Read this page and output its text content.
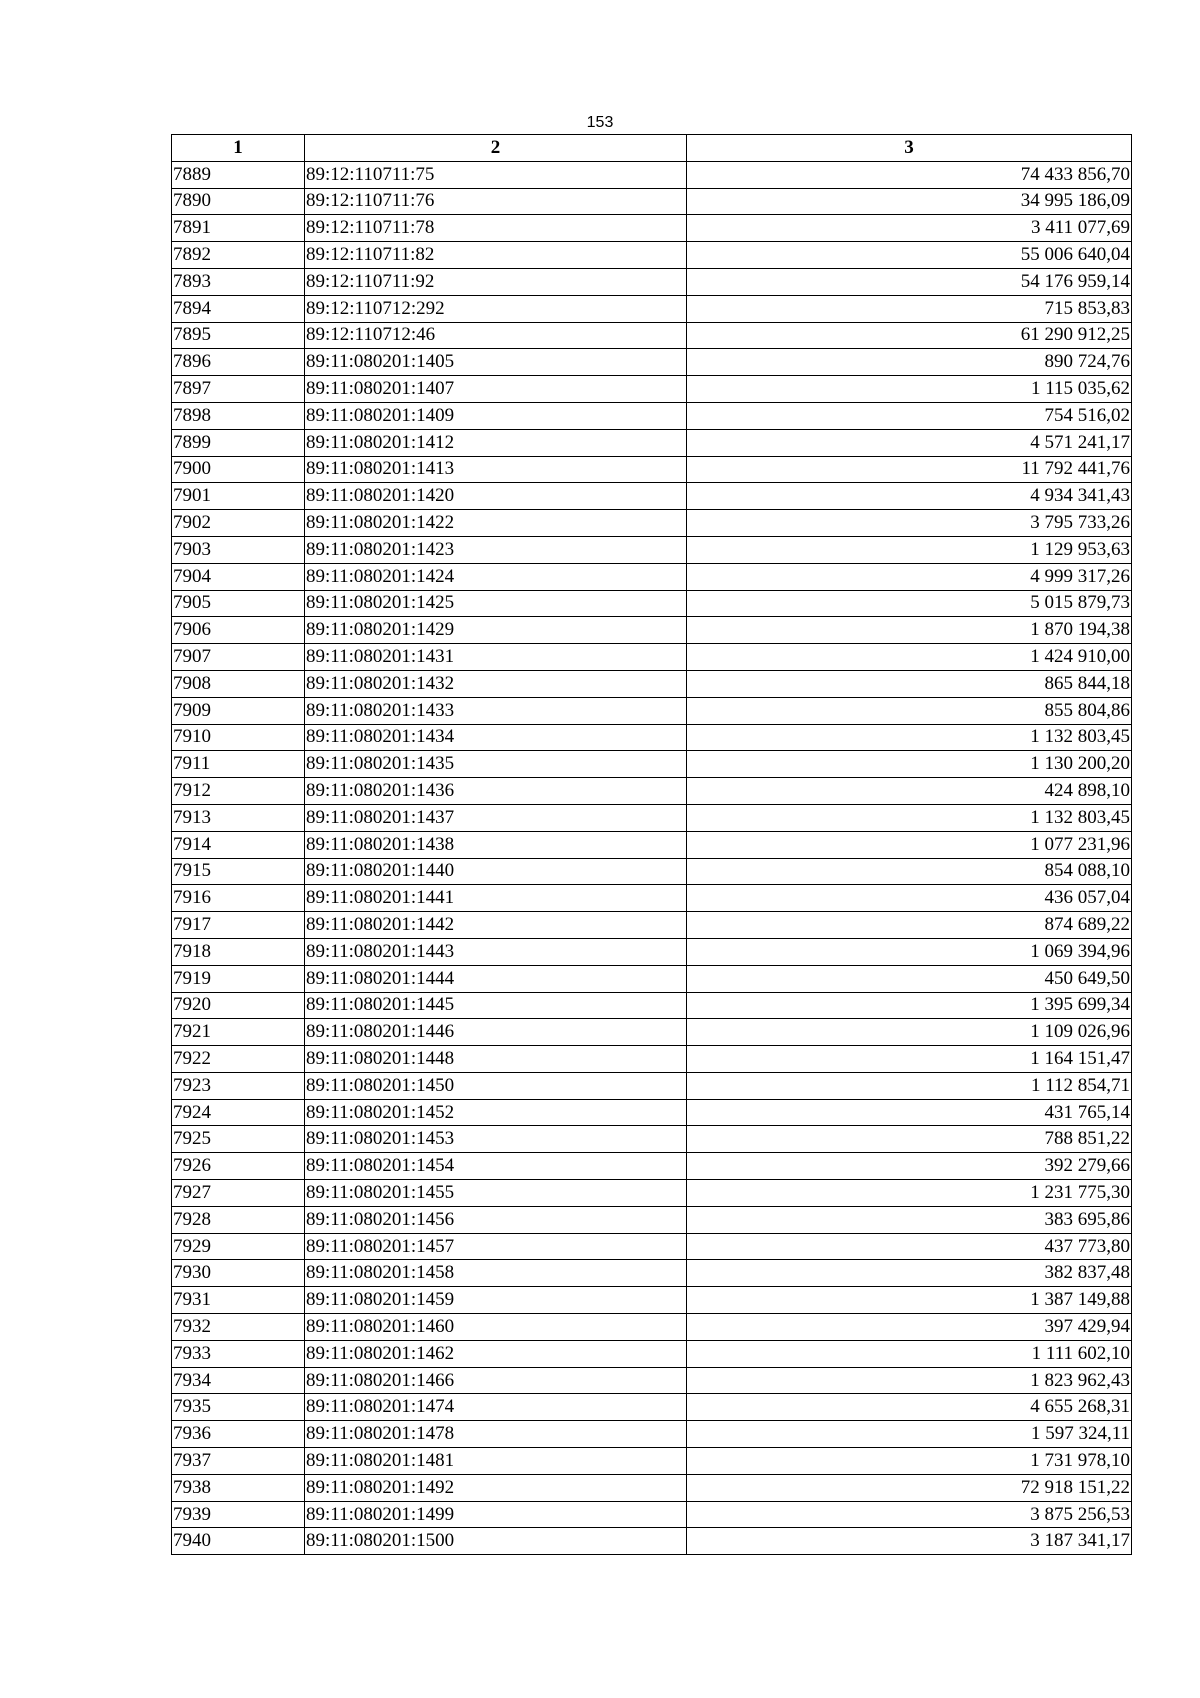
153
1	2	3
7889	89:12:110711:75	74 433 856,70
7890	89:12:110711:76	34 995 186,09
7891	89:12:110711:78	3 411 077,69
7892	89:12:110711:82	55 006 640,04
7893	89:12:110711:92	54 176 959,14
7894	89:12:110712:292	715 853,83
7895	89:12:110712:46	61 290 912,25
7896	89:11:080201:1405	890 724,76
7897	89:11:080201:1407	1 115 035,62
7898	89:11:080201:1409	754 516,02
7899	89:11:080201:1412	4 571 241,17
7900	89:11:080201:1413	11 792 441,76
7901	89:11:080201:1420	4 934 341,43
7902	89:11:080201:1422	3 795 733,26
7903	89:11:080201:1423	1 129 953,63
7904	89:11:080201:1424	4 999 317,26
7905	89:11:080201:1425	5 015 879,73
7906	89:11:080201:1429	1 870 194,38
7907	89:11:080201:1431	1 424 910,00
7908	89:11:080201:1432	865 844,18
7909	89:11:080201:1433	855 804,86
7910	89:11:080201:1434	1 132 803,45
7911	89:11:080201:1435	1 130 200,20
7912	89:11:080201:1436	424 898,10
7913	89:11:080201:1437	1 132 803,45
7914	89:11:080201:1438	1 077 231,96
7915	89:11:080201:1440	854 088,10
7916	89:11:080201:1441	436 057,04
7917	89:11:080201:1442	874 689,22
7918	89:11:080201:1443	1 069 394,96
7919	89:11:080201:1444	450 649,50
7920	89:11:080201:1445	1 395 699,34
7921	89:11:080201:1446	1 109 026,96
7922	89:11:080201:1448	1 164 151,47
7923	89:11:080201:1450	1 112 854,71
7924	89:11:080201:1452	431 765,14
7925	89:11:080201:1453	788 851,22
7926	89:11:080201:1454	392 279,66
7927	89:11:080201:1455	1 231 775,30
7928	89:11:080201:1456	383 695,86
7929	89:11:080201:1457	437 773,80
7930	89:11:080201:1458	382 837,48
7931	89:11:080201:1459	1 387 149,88
7932	89:11:080201:1460	397 429,94
7933	89:11:080201:1462	1 111 602,10
7934	89:11:080201:1466	1 823 962,43
7935	89:11:080201:1474	4 655 268,31
7936	89:11:080201:1478	1 597 324,11
7937	89:11:080201:1481	1 731 978,10
7938	89:11:080201:1492	72 918 151,22
7939	89:11:080201:1499	3 875 256,53
7940	89:11:080201:1500	3 187 341,17
